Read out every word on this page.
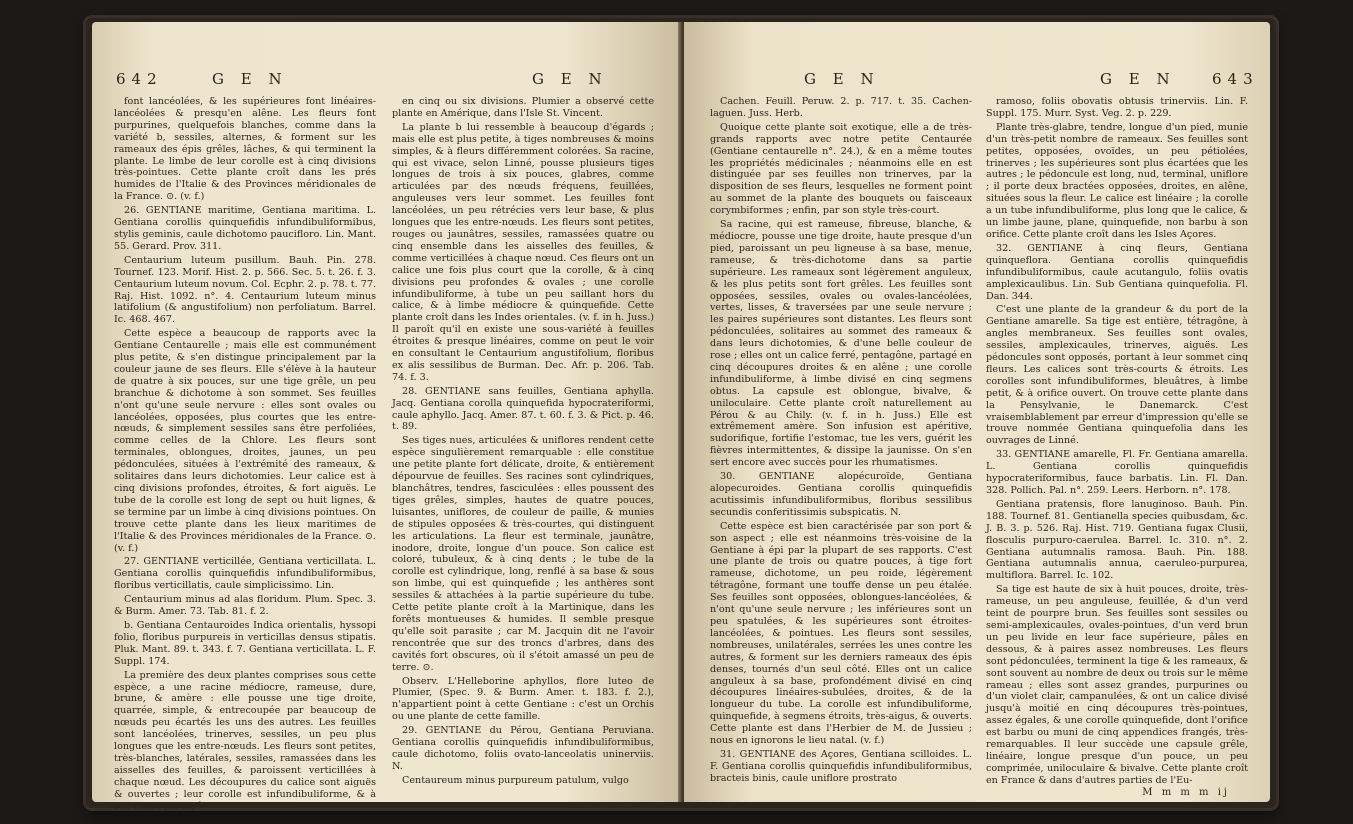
642	G E N	G E N

font lancéolées, & les supérieures font linéaires-lancéolées & presqu'en alêne. Les fleurs font purpurines, quelquefois blanches, comme dans la variété b, sessiles, alternes, & forment sur les rameaux des épis grêles, lâches, & qui terminent la plante. Le limbe de leur corolle est à cinq divisions très-pointues. Cette plante croît dans les prés humides de l'Italie & des Provinces méridionales de la France. ⊙. (v. f.)

26. GENTIANE maritime, Gentiana maritima. L. Gentiana corollis quinquefidis infundibuliformibus, stylis geminis, caule dichotomo paucifloro. Lin. Mant. 55. Gerard. Prov. 311.

Centaurium luteum pusillum. Bauh. Pin. 278. Tournef. 123. Morif. Hist. 2. p. 566. Sec. 5. t. 26. f. 3. Centaurium luteum novum. Col. Ecphr. 2. p. 78. t. 77. Raj. Hist. 1092. n°. 4. Centaurium luteum minus latifolium (& angustifolium) non perfoliatum. Barrel. Ic. 468. 467.

Cette espèce a beaucoup de rapports avec la Gentiane Centaurelle ; mais elle est communément plus petite, & s'en distingue principalement par la couleur jaune de ses fleurs. Elle s'élève à la hauteur de quatre à six pouces, sur une tige grêle, un peu branchue & dichotome à son sommet. Ses feuilles n'ont qu'une seule nervure : elles sont ovales ou lancéolées, opposées, plus courtes que les entre-nœuds, & simplement sessiles sans être perfoliées, comme celles de la Chlore. Les fleurs sont terminales, oblongues, droites, jaunes, un peu pédonculées, situées à l'extrémité des rameaux, & solitaires dans leurs dichotomies. Leur calice est à cinq divisions profondes, étroites, & fort aiguës. Le tube de la corolle est long de sept ou huit lignes, & se termine par un limbe à cinq divisions pointues. On trouve cette plante dans les lieux maritimes de l'Italie & des Provinces méridionales de la France. ⊙. (v. f.)

27. GENTIANE verticillée, Gentiana verticillata. L. Gentiana corollis quinquefidis infundibuliformibus, floribus verticillatis, caule simplicissimo. Lin.

Centaurium minus ad alas floridum. Plum. Spec. 3. & Burm. Amer. 73. Tab. 81. f. 2.

b. Gentiana Centauroides Indica orientalis, hyssopi folio, floribus purpureis in verticillas densus stipatis. Pluk. Mant. 89. t. 343. f. 7. Gentiana verticillata. L. F. Suppl. 174.

La première des deux plantes comprises sous cette espèce, a une racine médiocre, rameuse, dure, brune, & amère : elle pousse une tige droite, quarrée, simple, & entrecoupée par beaucoup de nœuds peu écartés les uns des autres. Les feuilles sont lancéolées, trinerves, sessiles, un peu plus longues que les entre-nœuds. Les fleurs sont petites, très-blanches, latérales, sessiles, ramassées dans les aisselles des feuilles, & paroissent verticillées à chaque nœud. Les découpures du calice sont aiguës & ouvertes ; leur corolle est infundibuliforme, & à son limbe partagé

en cinq ou six divisions. Plumier a observé cette plante en Amérique, dans l'Isle St. Vincent.

La plante b lui ressemble à beaucoup d'égards ; mais elle est plus petite, à tiges nombreuses & moins simples, & à fleurs différemment colorées. Sa racine, qui est vivace, selon Linné, pousse plusieurs tiges longues de trois à six pouces, glabres, comme articulées par des nœuds fréquens, feuillées, anguleuses vers leur sommet. Les feuilles font lancéolées, un peu rétrécies vers leur base, & plus longues que les entre-nœuds. Les fleurs sont petites, rouges ou jaunâtres, sessiles, ramassées quatre ou cinq ensemble dans les aisselles des feuilles, & comme verticillées à chaque nœud. Ces fleurs ont un calice une fois plus court que la corolle, & à cinq divisions peu profondes & ovales ; une corolle infundibuliforme, à tube un peu saillant hors du calice, & à limbe médiocre & quinquefide. Cette plante croît dans les Indes orientales. (v. f. in h. Juss.) Il paroît qu'il en existe une sous-variété à feuilles étroites & presque linéaires, comme on peut le voir en consultant le Centaurium angustifolium, floribus ex alis sessilibus de Burman. Dec. Afr. p. 206. Tab. 74. f. 3.

28. GENTIANE sans feuilles, Gentiana aphylla. Jacq. Gentiana corolla quinquefida hypocrateriformi, caule aphyllo. Jacq. Amer. 87. t. 60. f. 3. & Pict. p. 46. t. 89.

Ses tiges nues, articulées & uniflores rendent cette espèce singulièrement remarquable : elle constitue une petite plante fort délicate, droite, & entièrement dépourvue de feuilles. Ses racines sont cylindriques, blanchâtres, tendres, fasciculées : elles poussent des tiges grêles, simples, hautes de quatre pouces, luisantes, uniflores, de couleur de paille, & munies de stipules opposées & très-courtes, qui distinguent les articulations. La fleur est terminale, jaunâtre, inodore, droite, longue d'un pouce. Son calice est coloré, tubuleux, & à cinq dents ; le tube de la corolle est cylindrique, long, renflé à sa base & sous son limbe, qui est quinquefide ; les anthères sont sessiles & attachées à la partie supérieure du tube. Cette petite plante croît à la Martinique, dans les forêts montueuses & humides. Il semble presque qu'elle soit parasite ; car M. Jacquin dit ne l'avoir rencontrée que sur des troncs d'arbres, dans des cavités fort obscures, où il s'étoit amassé un peu de terre. ⊙.

Observ. L'Helleborine aphyllos, flore luteo de Plumier, (Spec. 9. & Burm. Amer. t. 183. f. 2.), n'appartient point à cette Gentiane : c'est un Orchis ou une plante de cette famille.

29. GENTIANE du Pérou, Gentiana Peruviana. Gentiana corollis quinquefidis infundibuliformibus, caule dichotomo, foliis ovato-lanceolatis uninerviis. N.

Centaureum minus purpureum patulum, vulgo

G E N	G E N 643

Cachen. Feuill. Peruw. 2. p. 717. t. 35. Cachen-laguen. Juss. Herb.

Quoique cette plante soit exotique, elle a de très-grands rapports avec notre petite Centaurée (Gentiane centaurelle n°. 24.), & en a même toutes les propriétés médicinales ; néanmoins elle en est distinguée par ses feuilles non trinerves, par la disposition de ses fleurs, lesquelles ne forment point au sommet de la plante des bouquets ou faisceaux corymbiformes ; enfin, par son style très-court.

Sa racine, qui est rameuse, fibreuse, blanche, & médiocre, pousse une tige droite, haute presque d'un pied, paroissant un peu ligneuse à sa base, menue, rameuse, & très-dichotome dans sa partie supérieure. Les rameaux sont légèrement anguleux, & les plus petits sont fort grêles. Les feuilles sont opposées, sessiles, ovales ou ovales-lancéolées, vertes, lisses, & traversées par une seule nervure ; les paires supérieures sont distantes. Les fleurs sont pédonculées, solitaires au sommet des rameaux & dans leurs dichotomies, & d'une belle couleur de rose ; elles ont un calice ferré, pentagône, partagé en cinq découpures droites & en alêne ; une corolle infundibuliforme, à limbe divisé en cinq segmens obtus. La capsule est oblongue, bivalve, & uniloculaire. Cette plante croît naturellement au Pérou & au Chily. (v. f. in h. Juss.) Elle est extrêmement amère. Son infusion est apéritive, sudorifique, fortifie l'estomac, tue les vers, guérit les fièvres intermittentes, & dissipe la jaunisse. On s'en sert encore avec succès pour les rhumatismes.

30. GENTIANE alopécuroïde, Gentiana alopecuroides. Gentiana corollis quinquefidis acutissimis infundibuliformibus, floribus sessilibus secundis conferitissimis subspicatis. N.

Cette espèce est bien caractérisée par son port & son aspect ; elle est néanmoins très-voisine de la Gentiane à épi par la plupart de ses rapports. C'est une plante de trois ou quatre pouces, à tige fort rameuse, dichotome, un peu roide, légèrement tétragône, formant une touffe dense un peu étalée. Ses feuilles sont opposées, oblongues-lancéolées, & n'ont qu'une seule nervure ; les inférieures sont un peu spatulées, & les supérieures sont étroites-lancéolées, & pointues. Les fleurs sont sessiles, nombreuses, unilatérales, serrées les unes contre les autres, & forment sur les derniers rameaux des épis denses, tournés d'un seul côté. Elles ont un calice anguleux à sa base, profondément divisé en cinq découpures linéaires-subulées, droites, & de la longueur du tube. La corolle est infundibuliforme, quinquefide, à segmens étroits, très-aigus, & ouverts. Cette plante est dans l'Herbier de M. de Jussieu ; nous en ignorons le lieu natal. (v. f.)

31. GENTIANE des Açores, Gentiana scilloides. L. F. Gentiana corollis quinquefidis infundibuliformibus, bracteis binis, caule uniflore prostrato

ramoso, foliis obovatis obtusis trinerviis. Lin. F. Suppl. 175. Murr. Syst. Veg. 2. p. 229.

Plante très-glabre, tendre, longue d'un pied, munie d'un très-petit nombre de rameaux. Ses feuilles sont petites, opposées, ovoïdes, un peu pétiolées, trinerves ; les supérieures sont plus écartées que les autres ; le pédoncule est long, nud, terminal, uniflore ; il porte deux bractées opposées, droites, en alêne, situées sous la fleur. Le calice est linéaire ; la corolle a un tube infundibuliforme, plus long que le calice, & un limbe jaune, plane, quinquefide, non barbu à son orifice. Cette plante croît dans les Isles Açores.

32. GENTIANE à cinq fleurs, Gentiana quinqueflora. Gentiana corollis quinquefidis infundibuliformibus, caule acutangulo, foliis ovatis amplexicaulibus. Lin. Sub Gentiana quinquefolia. Fl. Dan. 344.

C'est une plante de la grandeur & du port de la Gentiane amarelle. Sa tige est entière, tétragône, à angles membraneux. Ses feuilles sont ovales, sessiles, amplexicaules, trinerves, aiguës. Les pédoncules sont opposés, portant à leur sommet cinq fleurs. Les calices sont très-courts & étroits. Les corolles sont infundibuliformes, bleuâtres, à limbe petit, & à orifice ouvert. On trouve cette plante dans la Pensylvanie, le Danemarck. C'est vraisemblablement par erreur d'impression qu'elle se trouve nommée Gentiana quinquefolia dans les ouvrages de Linné.

33. GENTIANE amarelle, Fl. Fr. Gentiana amarella. L. Gentiana corollis quinquefidis hypocrateriformibus, fauce barbatis. Lin. Fl. Dan. 328. Pollich. Pal. n°. 259. Leers. Herborn. n°. 178.

Gentiana pratensis, flore lanuginoso. Bauh. Pin. 188. Tournef. 81. Gentianella species quibusdam, &c. J. B. 3. p. 526. Raj. Hist. 719. Gentiana fugax Clusii, flosculis purpuro-caerulea. Barrel. Ic. 310. n°. 2. Gentiana autumnalis ramosa. Bauh. Pin. 188. Gentiana autumnalis annua, caeruleo-purpurea, multiflora. Barrel. Ic. 102.

Sa tige est haute de six à huit pouces, droite, très-rameuse, un peu anguleuse, feuillée, & d'un verd teint de pourpre brun. Ses feuilles sont sessiles ou semi-amplexicaules, ovales-pointues, d'un verd brun un peu livide en leur face supérieure, pâles en dessous, & à paires assez nombreuses. Les fleurs sont pédonculées, terminent la tige & les rameaux, & sont souvent au nombre de deux ou trois sur le même rameau ; elles sont assez grandes, purpurines ou d'un violet clair, campanulées, & ont un calice divisé jusqu'à moitié en cinq découpures très-pointues, assez égales, & une corolle quinquefide, dont l'orifice est barbu ou muni de cinq appendices frangés, très-remarquables. Il leur succède une capsule grêle, linéaire, longue presque d'un pouce, un peu comprimée, uniloculaire & bivalve. Cette plante croît en France & dans d'autres parties de l'Eu-

M m m m ij
